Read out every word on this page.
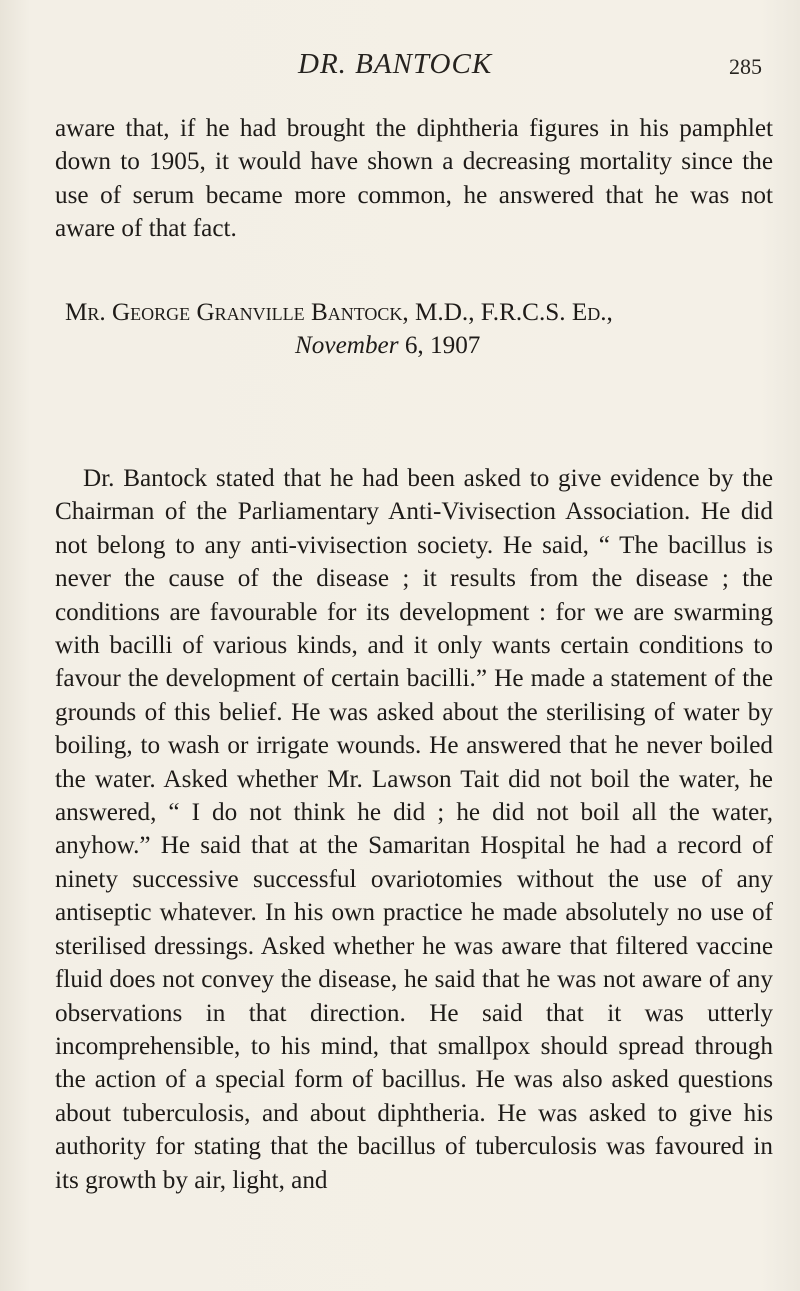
DR. BANTOCK	285

aware that, if he had brought the diphtheria figures in his pamphlet down to 1905, it would have shown a decreasing mortality since the use of serum became more common, he answered that he was not aware of that fact.

Mr. George Granville Bantock, M.D., F.R.C.S. Ed.,
November 6, 1907

Dr. Bantock stated that he had been asked to give evidence by the Chairman of the Parliamentary Anti-Vivisection Association. He did not belong to any anti-vivisection society. He said, “ The bacillus is never the cause of the disease ; it results from the disease ; the conditions are favourable for its development : for we are swarming with bacilli of various kinds, and it only wants certain conditions to favour the development of certain bacilli.” He made a statement of the grounds of this belief. He was asked about the sterilising of water by boiling, to wash or irrigate wounds. He answered that he never boiled the water. Asked whether Mr. Lawson Tait did not boil the water, he answered, “ I do not think he did ; he did not boil all the water, anyhow.” He said that at the Samaritan Hospital he had a record of ninety successive successful ovariotomies without the use of any antiseptic whatever. In his own practice he made absolutely no use of sterilised dressings. Asked whether he was aware that filtered vaccine fluid does not convey the disease, he said that he was not aware of any observations in that direction. He said that it was utterly incomprehensible, to his mind, that smallpox should spread through the action of a special form of bacillus. He was also asked questions about tuberculosis, and about diphtheria. He was asked to give his authority for stating that the bacillus of tuberculosis was favoured in its growth by air, light, and
